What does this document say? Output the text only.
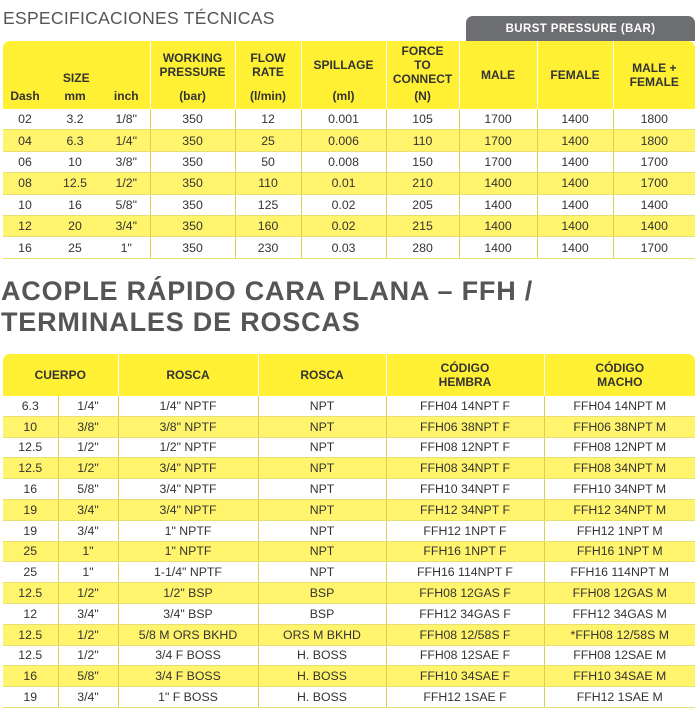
ESPECIFICACIONES TÉCNICAS
BURST PRESSURE (BAR)
SIZE			WORKING PRESSURE	FLOW RATE	SPILLAGE	FORCE TO CONNECT	MALE	FEMALE	MALE + FEMALE
Dash	mm	inch	(bar)	(l/min)	(ml)	(N)			
02	3.2	1/8"	350	12	0.001	105	1700	1400	1800
04	6.3	1/4"	350	25	0.006	110	1700	1400	1800
06	10	3/8"	350	50	0.008	150	1700	1400	1700
08	12.5	1/2"	350	110	0.01	210	1400	1400	1700
10	16	5/8"	350	125	0.02	205	1400	1400	1400
12	20	3/4"	350	160	0.02	215	1400	1400	1400
16	25	1"	350	230	0.03	280	1400	1400	1700
ACOPLE RÁPIDO CARA PLANA – FFH /
TERMINALES DE ROSCAS
CUERPO		ROSCA	ROSCA	CÓDIGO HEMBRA	CÓDIGO MACHO
6.3	1/4"	1/4" NPTF	NPT	FFH04 14NPT F	FFH04 14NPT M
10	3/8"	3/8" NPTF	NPT	FFH06 38NPT F	FFH06 38NPT M
12.5	1/2"	1/2" NPTF	NPT	FFH08 12NPT F	FFH08 12NPT M
12.5	1/2"	3/4" NPTF	NPT	FFH08 34NPT F	FFH08 34NPT M
16	5/8"	3/4" NPTF	NPT	FFH10 34NPT F	FFH10 34NPT M
19	3/4"	3/4" NPTF	NPT	FFH12 34NPT F	FFH12 34NPT M
19	3/4"	1" NPTF	NPT	FFH12 1NPT F	FFH12 1NPT M
25	1"	1" NPTF	NPT	FFH16 1NPT F	FFH16 1NPT M
25	1"	1-1/4" NPTF	NPT	FFH16 114NPT F	FFH16 114NPT M
12.5	1/2"	1/2" BSP	BSP	FFH08 12GAS F	FFH08 12GAS M
12	3/4"	3/4" BSP	BSP	FFH12 34GAS F	FFH12 34GAS M
12.5	1/2"	5/8 M ORS BKHD	ORS M BKHD	FFH08 12/58S F	*FFH08 12/58S M
12.5	1/2"	3/4 F BOSS	H. BOSS	FFH08 12SAE F	FFH08 12SAE M
16	5/8"	3/4 F BOSS	H. BOSS	FFH10 34SAE F	FFH10 34SAE M
19	3/4"	1" F BOSS	H. BOSS	FFH12 1SAE F	FFH12 1SAE M
